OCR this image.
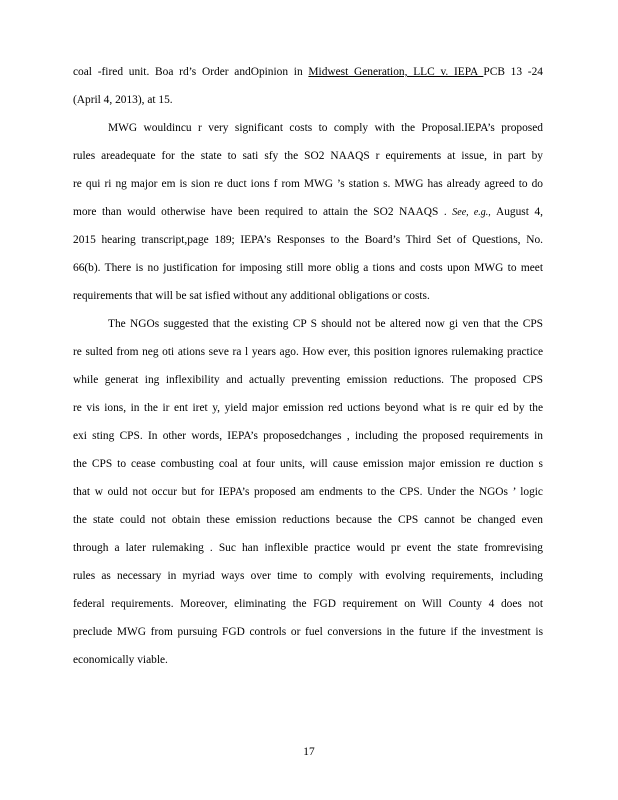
coal -fired unit. Boa rd’s Order andOpinion in Midwest Generation, LLC v. IEPA PCB 13 -24
(April 4, 2013), at 15.
MWG wouldincu r very significant costs to comply with the Proposal.IEPA’s proposed
rules areadequate for the state to sati sfy the SO2 NAAQS r equirements at issue, in part by
re qui ri ng major em is sion re duct ions f rom MWG ’s station s. MWG has already agreed to do
more than would otherwise have been required to attain the SO2 NAAQS . See, e.g., August 4,
2015 hearing transcript,page 189; IEPA’s Responses to the Board’s Third Set of Questions, No.
66(b). There is no justification for imposing still more oblig a tions and costs upon MWG to meet
requirements that will be sat isfied without any additional obligations or costs.
The NGOs suggested that the existing CP S should not be altered now gi ven that the CPS
re sulted from neg oti ations seve ra l years ago. How ever, this position ignores rulemaking practice
while generat ing inflexibility and actually preventing emission reductions. The proposed CPS
re vis ions, in the ir ent iret y, yield major emission red uctions beyond what is re quir ed by the
exi sting CPS. In other words, IEPA’s proposedchanges , including the proposed requirements in
the CPS to cease combusting coal at four units, will cause emission major emission re duction s
that w ould not occur but for IEPA’s proposed am endments to the CPS. Under the NGOs ’ logic
the state could not obtain these emission reductions because the CPS cannot be changed even
through a later rulemaking . Suc han inflexible practice would pr event the state fromrevising
rules as necessary in myriad ways over time to comply with evolving requirements, including
federal requirements. Moreover, eliminating the FGD requirement on Will County 4 does not
preclude MWG from pursuing FGD controls or fuel conversions in the future if the investment is
economically viable.
17
